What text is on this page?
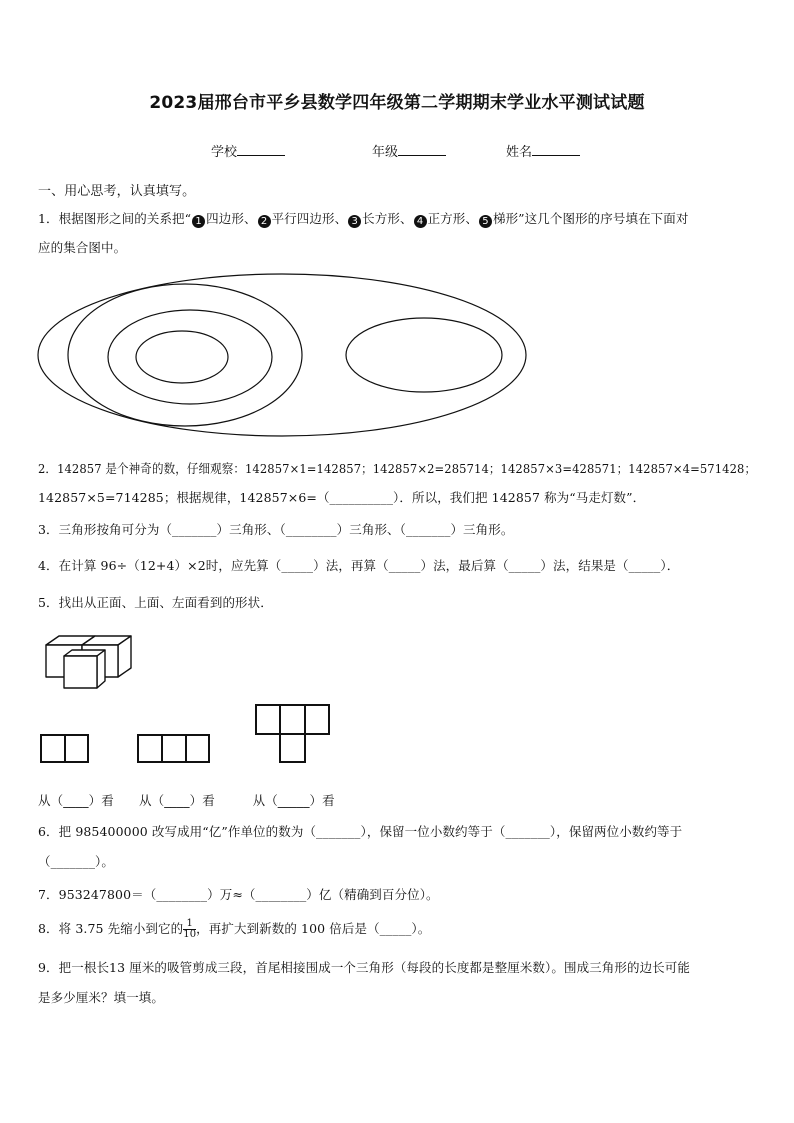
2023届邢台市平乡县数学四年级第二学期期末学业水平测试试题
学校	年级	姓名
一、用心思考，认真填写。
1．根据图形之间的关系把“ 1 四边形、 2 平行四边形、 3 长方形、 4 正方形、 5 梯形”这几个图形的序号填在下面对
应的集合图中。
2．142857 是个神奇的数，仔细观察：142857×1=142857；142857×2=285714；142857×3=428571；142857×4=571428；
142857×5=714285；根据规律，142857×6=（__________）．所以，我们把 142857 称为“马走灯数”．
3．三角形按角可分为（_______）三角形、（________）三角形、（_______）三角形。
4．在计算 96÷（12+4）×2时，应先算（_____）法，再算（_____）法，最后算（_____）法，结果是（_____）．
5．找出从正面、上面、左面看到的形状．
从（____）看　　从（____）看　　　从（_____）看
6．把 985400000 改写成用“亿”作单位的数为（_______），保留一位小数约等于（_______），保留两位小数约等于
（_______）。
7．953247800＝（________）万≈（________）亿（精确到百分位）。
8．将 3.75 先缩小到它的 $\frac{1}{10}$ ，再扩大到新数的 100 倍后是（_____）。
9．把一根长13 厘米的吸管剪成三段，首尾相接围成一个三角形（每段的长度都是整厘米数）。围成三角形的边长可能
是多少厘米？填一填。
